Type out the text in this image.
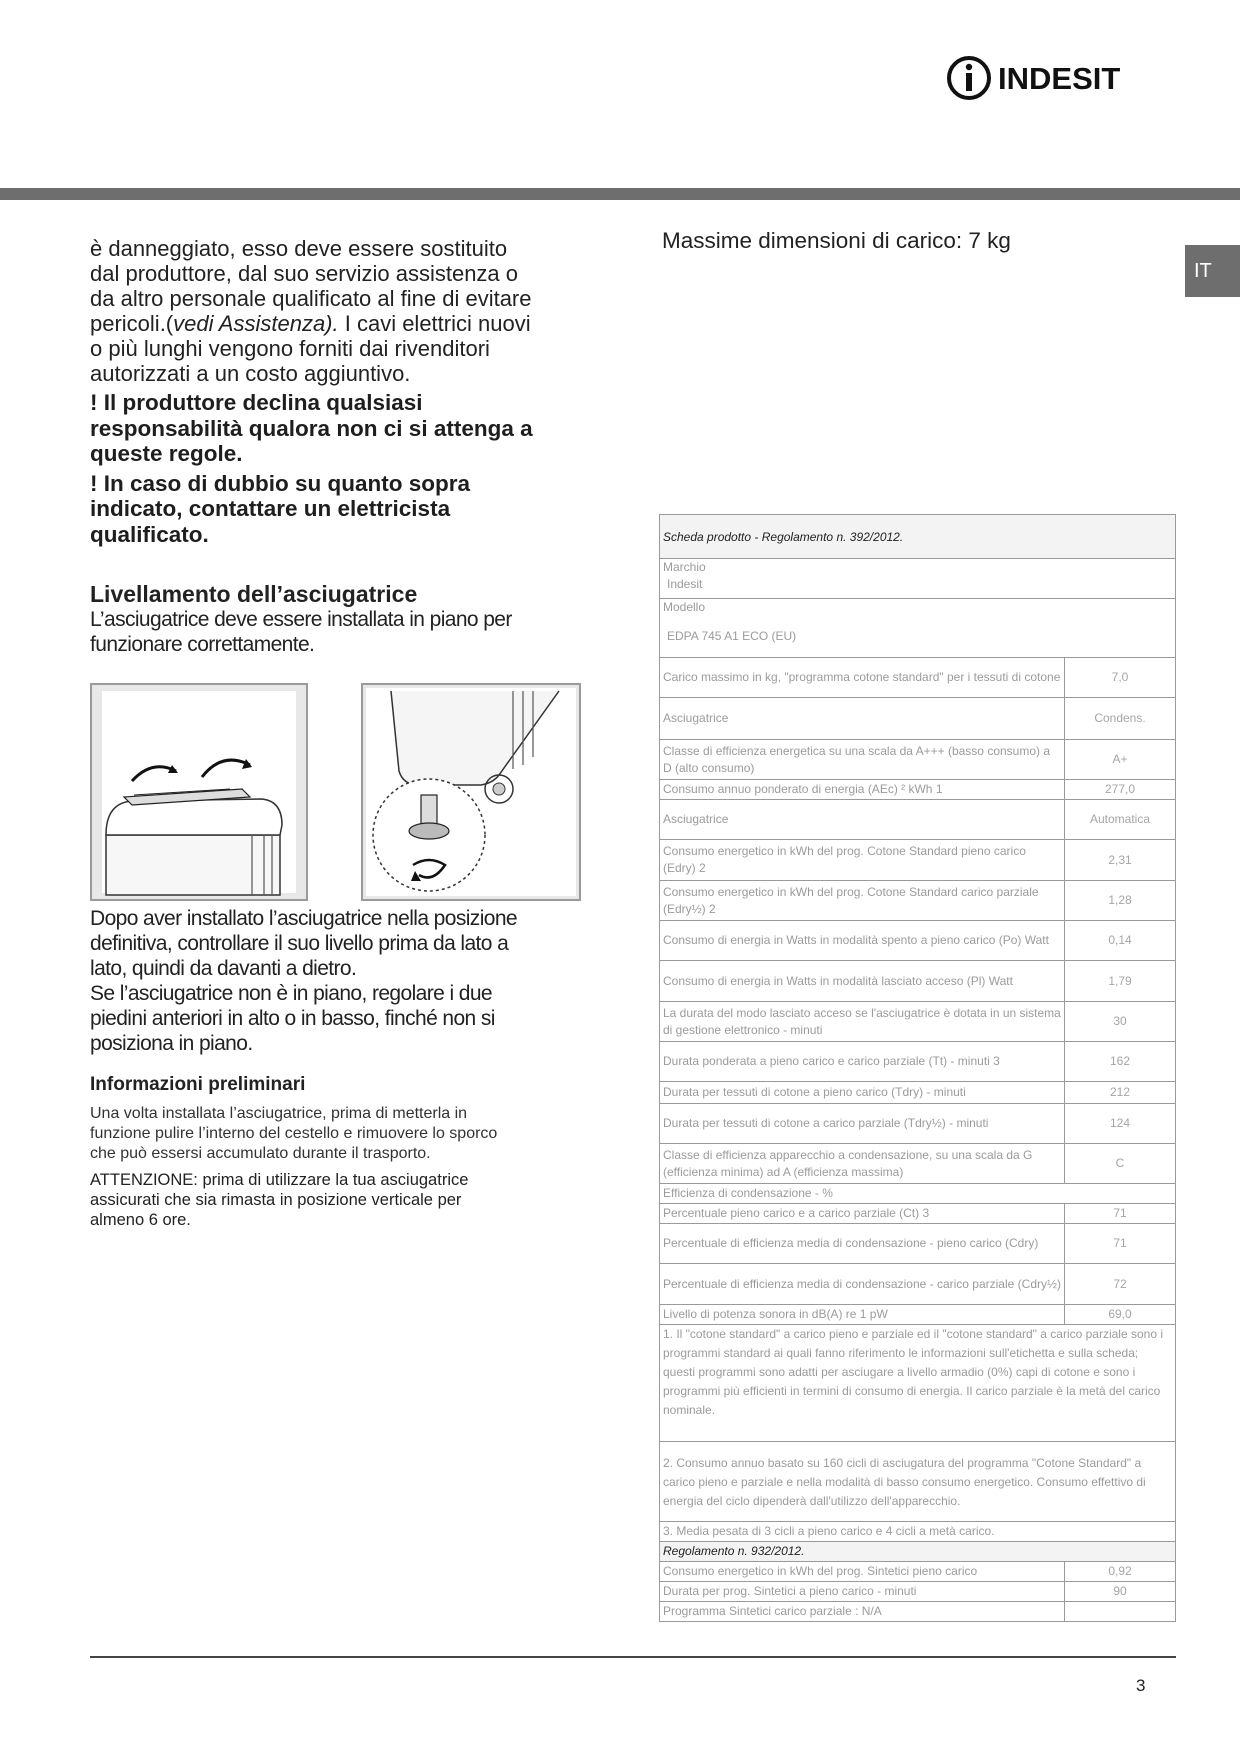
INDESIT
IT

è danneggiato, esso deve essere sostituito
dal produttore, dal suo servizio assistenza o
da altro personale qualificato al fine di evitare
pericoli.(vedi Assistenza). I cavi elettrici nuovi
o più lunghi vengono forniti dai rivenditori
autorizzati a un costo aggiuntivo.

! Il produttore declina qualsiasi
responsabilità qualora non ci si attenga a
queste regole.

! In caso di dubbio su quanto sopra
indicato, contattare un elettricista
qualificato.

Livellamento dell’asciugatrice

L’asciugatrice deve essere installata in piano per
funzionare correttamente.

Dopo aver installato l’asciugatrice nella posizione
definitiva, controllare il suo livello prima da lato a
lato, quindi da davanti a dietro.
Se l’asciugatrice non è in piano, regolare i due
piedini anteriori in alto o in basso, finché non si
posiziona in piano.

Informazioni preliminari

Una volta installata l’asciugatrice, prima di metterla in
funzione pulire l’interno del cestello e rimuovere lo sporco
che può essersi accumulato durante il trasporto.

ATTENZIONE: prima di utilizzare la tua asciugatrice
assicurati che sia rimasta in posizione verticale per
almeno 6 ore.

Massime dimensioni di carico: 7 kg
Scheda prodotto - Regolamento n. 392/2012.	

Marchio
Indesit	

Modello
EDPA 745 A1 ECO (EU)	

Carico massimo in kg, "programma cotone standard" per i tessuti di cotone	7,0
Asciugatrice	Condens.
Classe di efficienza energetica su una scala da A+++ (basso consumo) a D (alto consumo)	A+
Consumo annuo ponderato di energia (AEc) ² kWh 1	277,0
Asciugatrice	Automatica
Consumo energetico in kWh del prog. Cotone Standard pieno carico (Edry) 2	2,31
Consumo energetico in kWh del prog. Cotone Standard carico parziale (Edry½) 2	1,28
Consumo di energia in Watts in modalità spento a pieno carico (Po) Watt	0,14
Consumo di energia in Watts in modalità lasciato acceso (Pl) Watt	1,79
La durata del modo lasciato acceso se l'asciugatrice è dotata in un sistema di gestione elettronico - minuti	30
Durata ponderata a pieno carico e carico parziale (Tt) - minuti 3	162
Durata per tessuti di cotone a pieno carico (Tdry) - minuti	212
Durata per tessuti di cotone a carico parziale (Tdry½) - minuti	124
Classe di efficienza apparecchio a condensazione, su una scala da G (efficienza minima) ad A (efficienza massima)	C
Efficienza di condensazione - %	
Percentuale pieno carico e a carico parziale (Ct) 3	71
Percentuale di efficienza media di condensazione - pieno carico (Cdry)	71
Percentuale di efficienza media di condensazione - carico parziale (Cdry½)	72
Livello di potenza sonora in dB(A) re 1 pW	69,0
1. Il "cotone standard" a carico pieno e parziale ed il "cotone standard" a carico parziale sono i programmi standard ai quali fanno riferimento le informazioni sull'etichetta e sulla scheda; questi programmi sono adatti per asciugare a livello armadio (0%) capi di cotone e sono i programmi più efficienti in termini di consumo di energia. Il carico parziale è la metà del carico nominale.	
2. Consumo annuo basato su 160 cicli di asciugatura del programma "Cotone Standard" a carico pieno e parziale e nella modalità di basso consumo energetico. Consumo effettivo di energia del ciclo dipenderà dall'utilizzo dell'apparecchio.	
3. Media pesata di 3 cicli a pieno carico e 4 cicli a metà carico.	
Regolamento n. 932/2012.	
Consumo energetico in kWh del prog. Sintetici pieno carico	0,92
Durata per prog. Sintetici a pieno carico - minuti	90
Programma Sintetici carico parziale : N/A	
3
